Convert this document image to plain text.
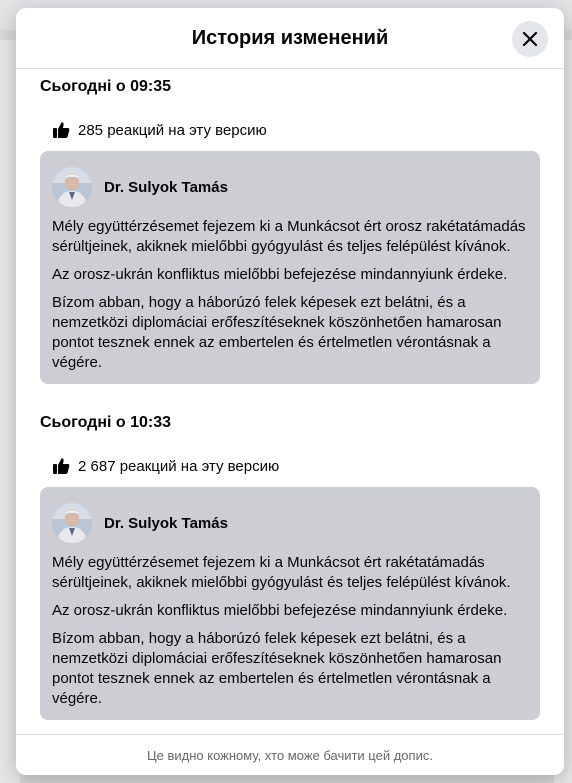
История изменений
Сьогодні о 09:35
285 реакций на эту версию
Dr. Sulyok Tamás

Mély együttérzésemet fejezem ki a Munkácsot ért orosz rakétatámadás sérültjeinek, akiknek mielőbbi gyógyulást és teljes felépülést kívánok.

Az orosz-ukrán konfliktus mielőbbi befejezése mindannyiunk érdeke.

Bízom abban, hogy a háborúzó felek képesek ezt belátni, és a nemzetközi diplomáciai erőfeszítéseknek köszönhetően hamarosan pontot tesznek ennek az embertelen és értelmetlen vérontásnak a végére.

Сьогодні о 10:33
2 687 реакций на эту версию
Dr. Sulyok Tamás

Mély együttérzésemet fejezem ki a Munkácsot ért rakétatámadás sérültjeinek, akiknek mielőbbi gyógyulást és teljes felépülést kívánok.

Az orosz-ukrán konfliktus mielőbbi befejezése mindannyiunk érdeke.

Bízom abban, hogy a háborúzó felek képesek ezt belátni, és a nemzetközi diplomáciai erőfeszítéseknek köszönhetően hamarosan pontot tesznek ennek az embertelen és értelmetlen vérontásnak a végére.

Це видно кожному, хто може бачити цей допис.
